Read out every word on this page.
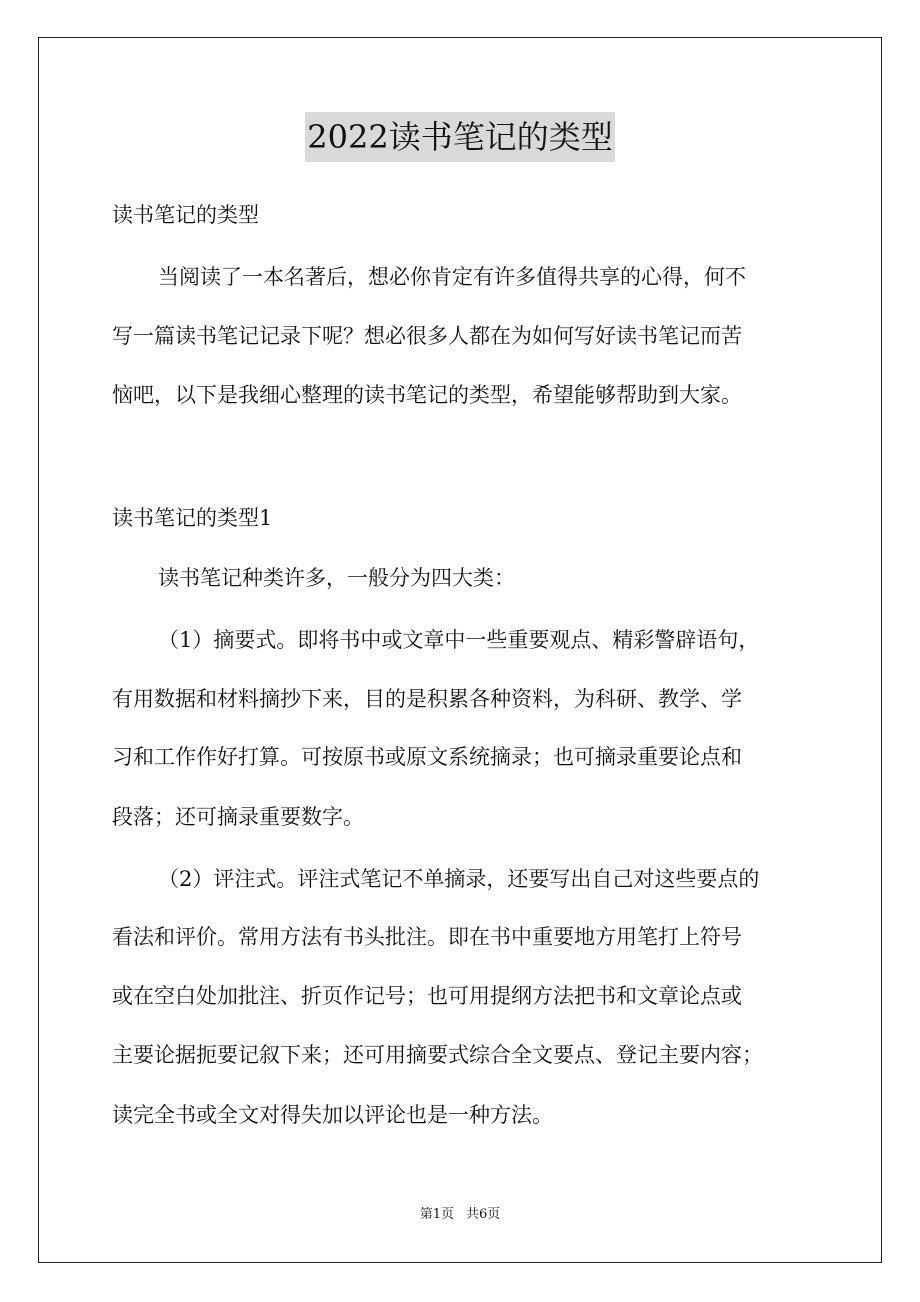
2022读书笔记的类型
读书笔记的类型
当阅读了一本名著后，想必你肯定有许多值得共享的心得，何不
写一篇读书笔记记录下呢？想必很多人都在为如何写好读书笔记而苦
恼吧，以下是我细心整理的读书笔记的类型，希望能够帮助到大家。
读书笔记的类型1
读书笔记种类许多，一般分为四大类：
（1）摘要式。即将书中或文章中一些重要观点、精彩警辟语句，
有用数据和材料摘抄下来，目的是积累各种资料，为科研、教学、学
习和工作作好打算。可按原书或原文系统摘录；也可摘录重要论点和
段落；还可摘录重要数字。
（2）评注式。评注式笔记不单摘录，还要写出自己对这些要点的
看法和评价。常用方法有书头批注。即在书中重要地方用笔打上符号
或在空白处加批注、折页作记号；也可用提纲方法把书和文章论点或
主要论据扼要记叙下来；还可用摘要式综合全文要点、登记主要内容；
读完全书或全文对得失加以评论也是一种方法。
第1页 共6页
